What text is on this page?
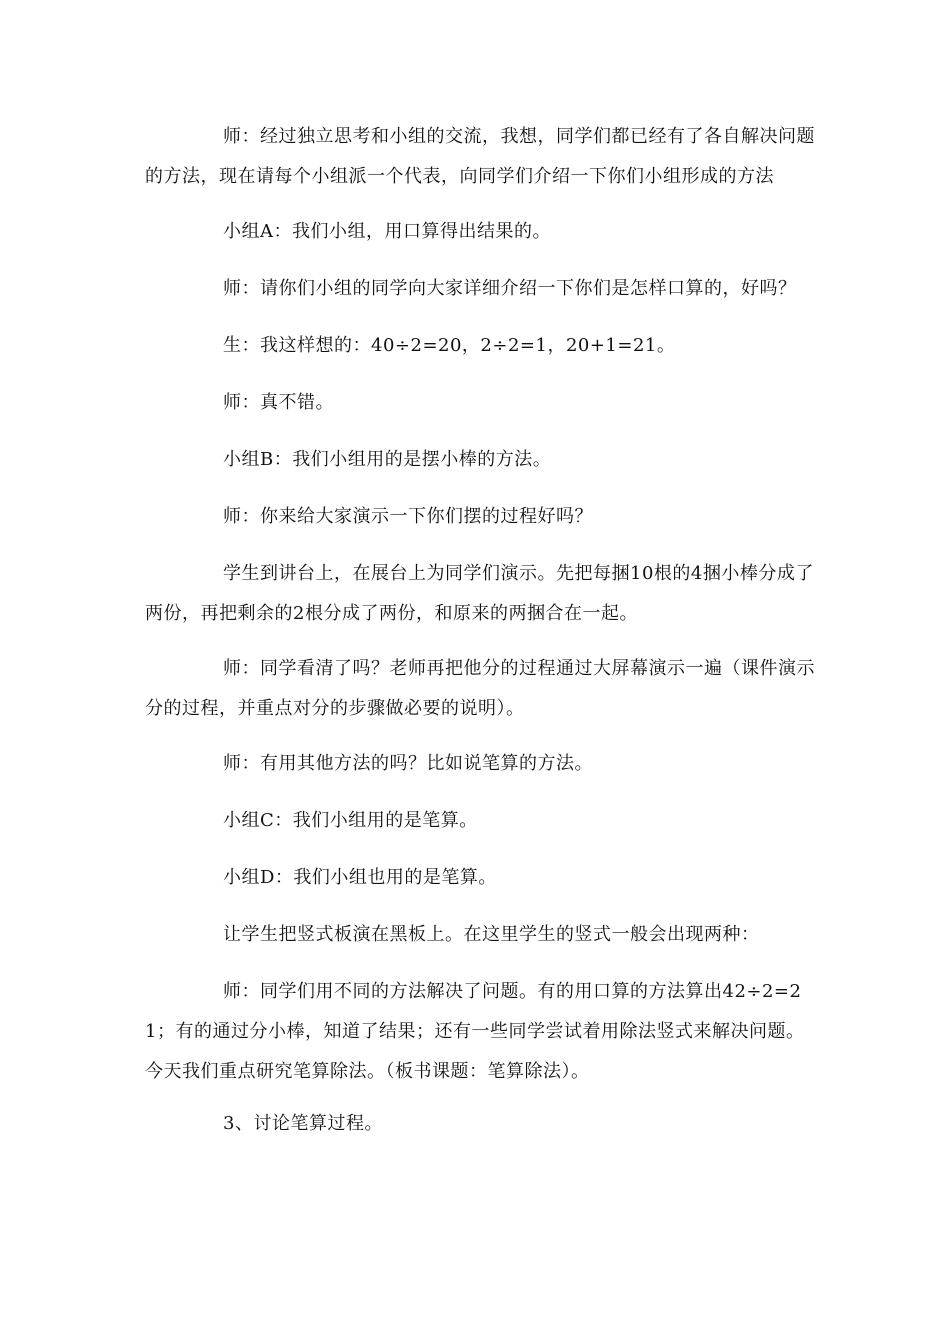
师：经过独立思考和小组的交流，我想，同学们都已经有了各自解决问题的方法，现在请每个小组派一个代表，向同学们介绍一下你们小组形成的方法

小组A：我们小组，用口算得出结果的。

师：请你们小组的同学向大家详细介绍一下你们是怎样口算的，好吗？

生：我这样想的：40÷2=20，2÷2=1，20+1=21。

师：真不错。

小组B：我们小组用的是摆小棒的方法。

师：你来给大家演示一下你们摆的过程好吗？

学生到讲台上，在展台上为同学们演示。先把每捆10根的4捆小棒分成了两份，再把剩余的2根分成了两份，和原来的两捆合在一起。

师：同学看清了吗？老师再把他分的过程通过大屏幕演示一遍（课件演示分的过程，并重点对分的步骤做必要的说明）。

师：有用其他方法的吗？比如说笔算的方法。

小组C：我们小组用的是笔算。

小组D：我们小组也用的是笔算。

让学生把竖式板演在黑板上。在这里学生的竖式一般会出现两种：

师：同学们用不同的方法解决了问题。有的用口算的方法算出42÷2=21；有的通过分小棒，知道了结果；还有一些同学尝试着用除法竖式来解决问题。今天我们重点研究笔算除法。（板书课题：笔算除法）。

3、讨论笔算过程。
